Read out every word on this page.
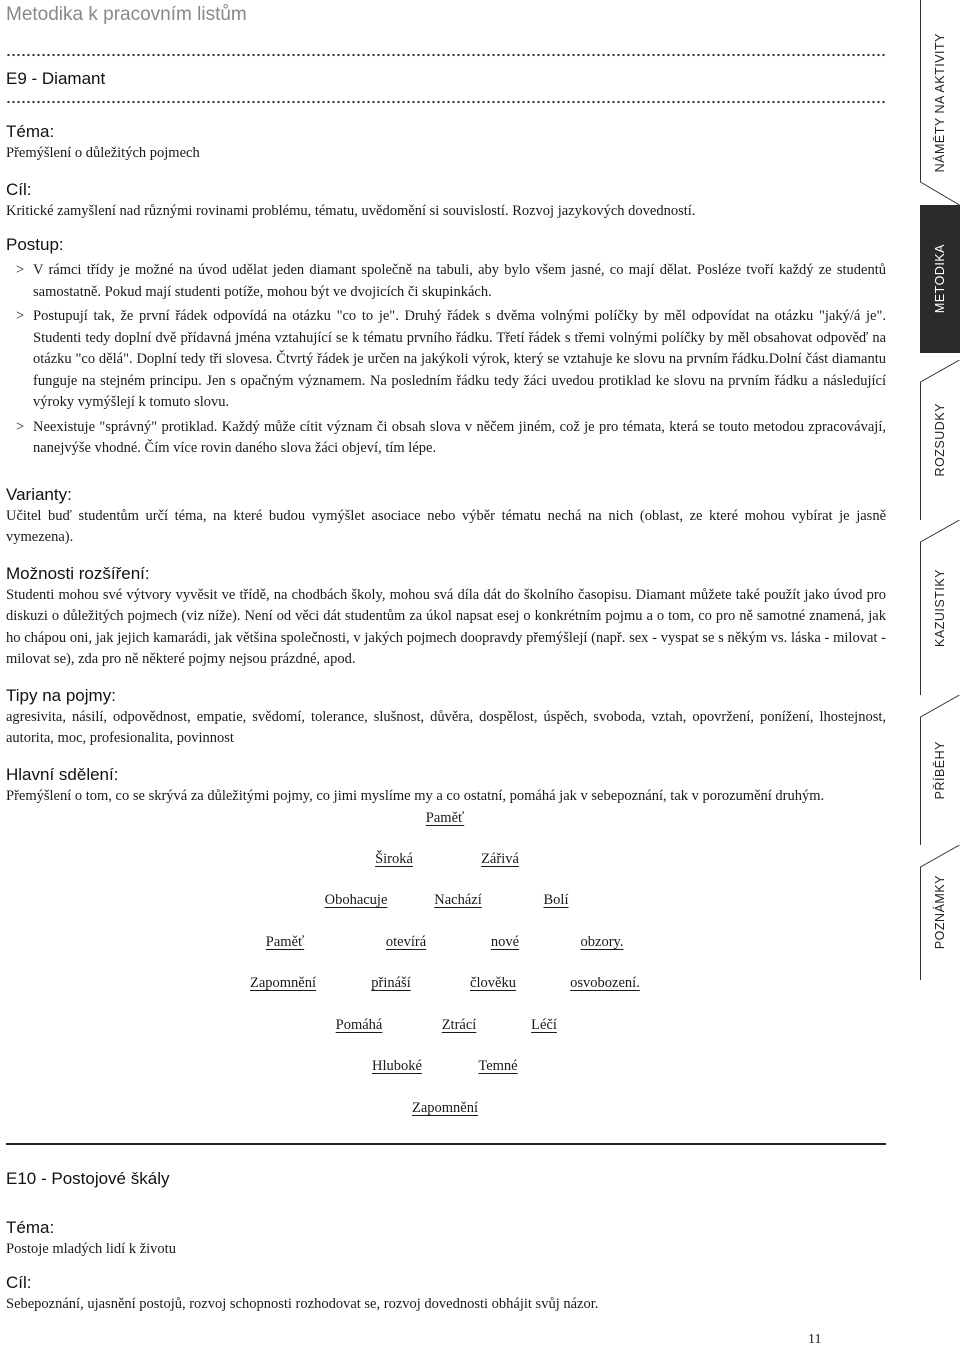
Metodika k pracovním listům
E9 - Diamant
Téma:
Přemýšlení o důležitých pojmech
Cíl:
Kritické zamyšlení nad různými rovinami problému, tématu, uvědomění si souvislostí. Rozvoj jazykových dovedností.
Postup:
> V rámci třídy je možné na úvod udělat jeden diamant společně na tabuli, aby bylo všem jasné, co mají dělat. Posléze tvoří každý ze studentů samostatně. Pokud mají studenti potíže, mohou být ve dvojicích či skupinkách.
> Postupují tak, že první řádek odpovídá na otázku "co to je". Druhý řádek s dvěma volnými políčky by měl odpovídat na otázku "jaký/á je". Studenti tedy doplní dvě přídavná jména vztahující se k tématu prvního řádku. Třetí řádek s třemi volnými políčky by měl obsahovat odpověď na otázku "co dělá". Doplní tedy tři slovesa. Čtvrtý řádek je určen na jakýkoli výrok, který se vztahuje ke slovu na prvním řádku.Dolní část diamantu funguje na stejném principu. Jen s opačným významem. Na posledním řádku tedy žáci uvedou protiklad ke slovu na prvním řádku a následující výroky vymýšlejí k tomuto slovu.
> Neexistuje "správný" protiklad. Každý může cítit význam či obsah slova v něčem jiném, což je pro témata, která se touto metodou zpracovávají, nanejvýše vhodné. Čím více rovin daného slova žáci objeví, tím lépe.
Varianty:
Učitel buď studentům určí téma, na které budou vymýšlet asociace nebo výběr tématu nechá na nich (oblast, ze které mohou vybírat je jasně vymezena).
Možnosti rozšíření:
Studenti mohou své výtvory vyvěsit ve třídě, na chodbách školy, mohou svá díla dát do školního časopisu. Diamant můžete také použít jako úvod pro diskuzi o důležitých pojmech (viz níže). Není od věci dát studentům za úkol napsat esej o konkrétním pojmu a o tom, co pro ně samotné znamená, jak ho chápou oni, jak jejich kamarádi, jak většina společnosti, v jakých pojmech doopravdy přemýšlejí (např. sex - vyspat se s někým vs. láska - milovat - milovat se), zda pro ně některé pojmy nejsou prázdné, apod.
Tipy na pojmy:
agresivita, násilí, odpovědnost, empatie, svědomí, tolerance, slušnost, důvěra, dospělost, úspěch, svoboda, vztah, opovržení, ponížení, lhostejnost, autorita, moc, profesionalita, povinnost
Hlavní sdělení:
Přemýšlení o tom, co se skrývá za důležitými pojmy, co jimi myslíme my a co ostatní, pomáhá jak v sebepoznání, tak v porozumění druhým.
Paměť
Široká	Zářivá
Obohacuje	Nachází	Bolí
Paměť	otevírá	nové	obzory.
Zapomnění	přináší	člověku	osvobození.
Pomáhá	Ztrácí	Léčí
Hluboké	Temné
Zapomnění
E10 - Postojové škály
Téma:
Postoje mladých lidí k životu
Cíl:
Sebepoznání, ujasnění postojů, rozvoj schopnosti rozhodovat se, rozvoj dovednosti obhájit svůj názor.
11
NÁMĚTY NA AKTIVITY
METODIKA
ROZSUDKY
KAZUISTIKY
PŘÍBĚHY
POZNÁMKY
